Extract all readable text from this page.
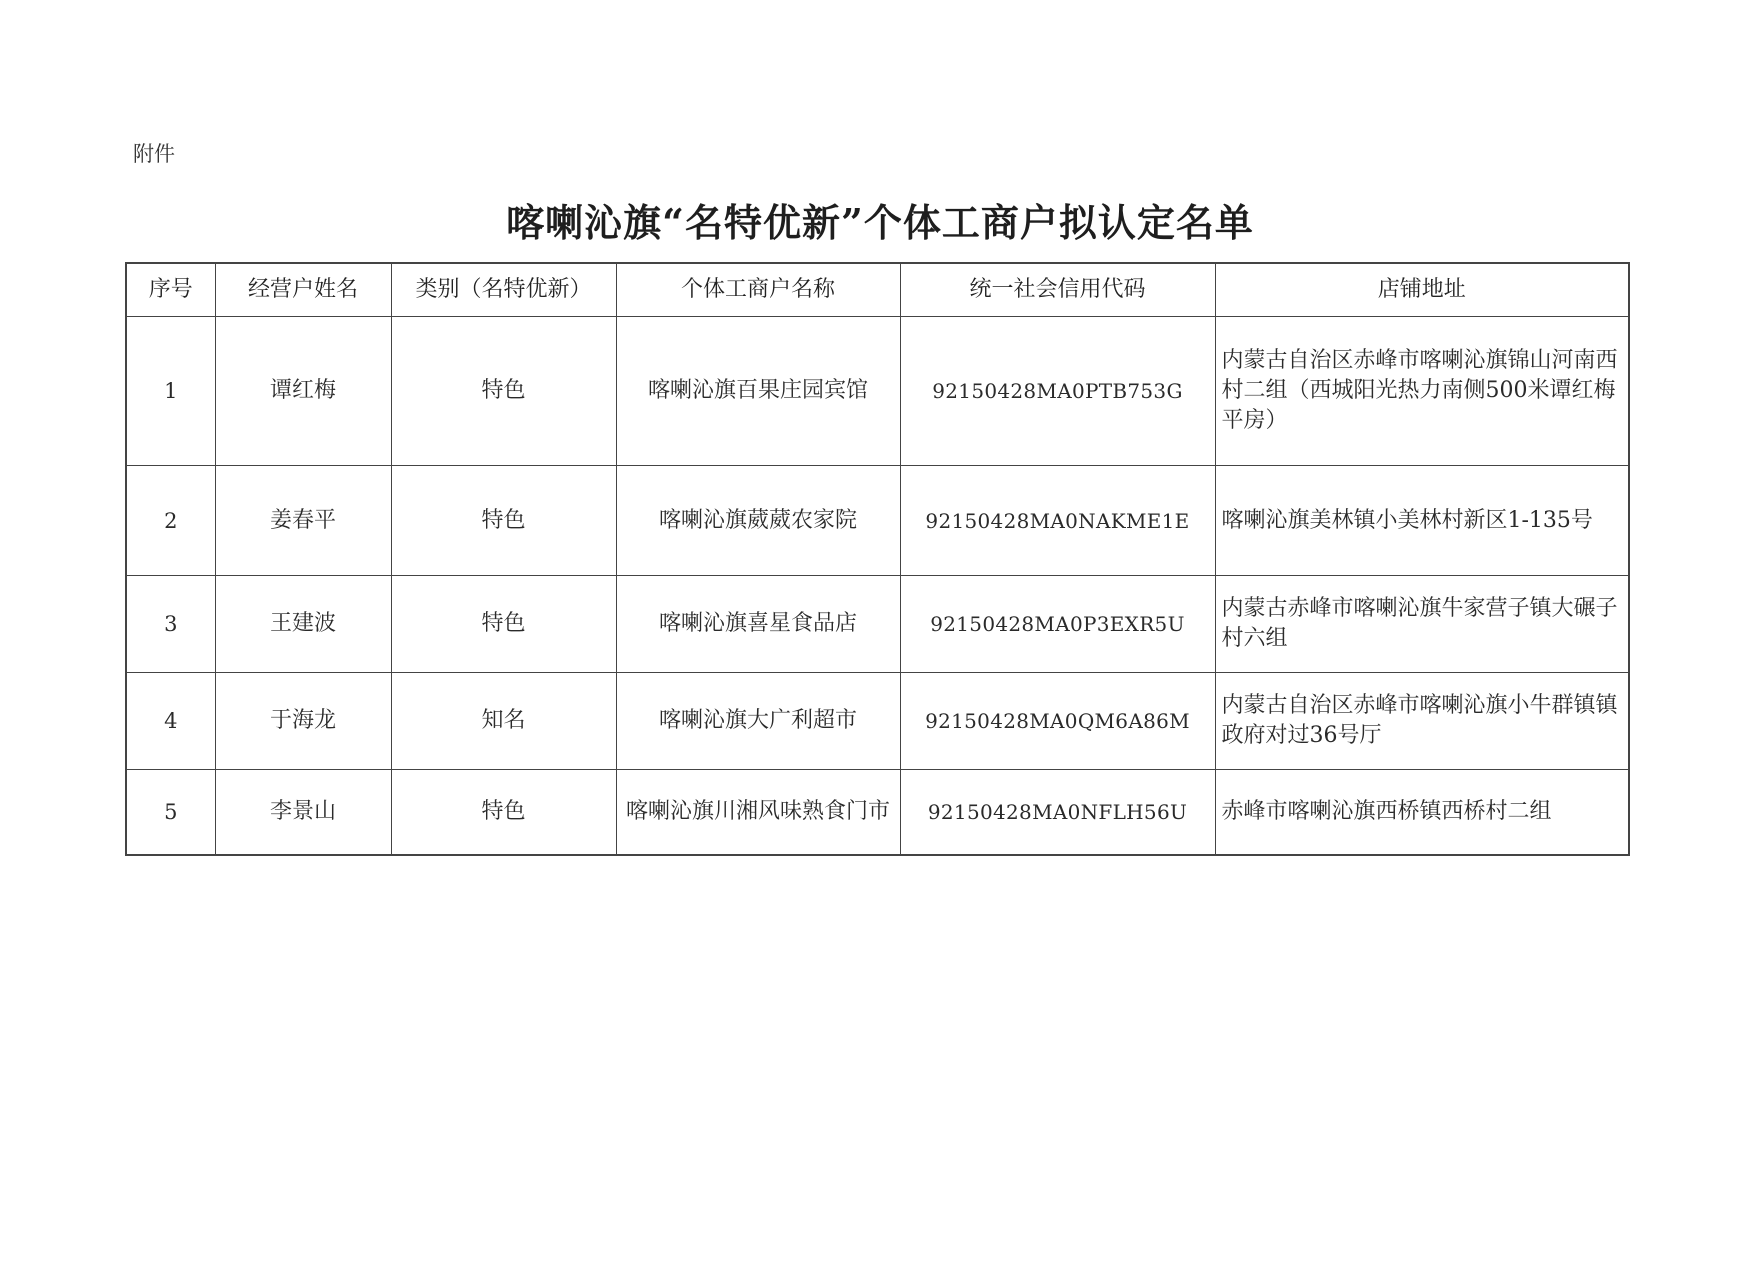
附件
喀喇沁旗“名特优新”个体工商户拟认定名单
序号	经营户姓名	类别（名特优新）	个体工商户名称	统一社会信用代码	店铺地址
1	谭红梅	特色	喀喇沁旗百果庄园宾馆	92150428MA0PTB753G	内蒙古自治区赤峰市喀喇沁旗锦山河南西村二组（西城阳光热力南侧500米谭红梅平房）
2	姜春平	特色	喀喇沁旗葳葳农家院	92150428MA0NAKME1E	喀喇沁旗美林镇小美林村新区1-135号
3	王建波	特色	喀喇沁旗喜星食品店	92150428MA0P3EXR5U	内蒙古赤峰市喀喇沁旗牛家营子镇大碾子村六组
4	于海龙	知名	喀喇沁旗大广利超市	92150428MA0QM6A86M	内蒙古自治区赤峰市喀喇沁旗小牛群镇镇政府对过36号厅
5	李景山	特色	喀喇沁旗川湘风味熟食门市	92150428MA0NFLH56U	赤峰市喀喇沁旗西桥镇西桥村二组
